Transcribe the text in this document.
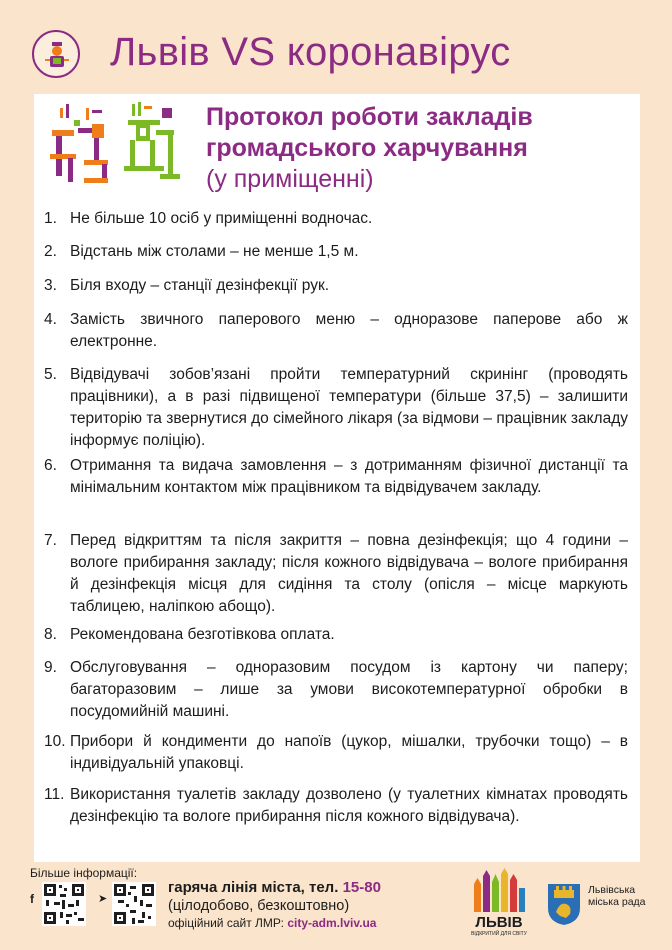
Львів VS коронавірус
Протокол роботи закладів громадського харчування
(у приміщенні)
1. Не більше 10 осіб у приміщенні водночас.
2. Відстань між столами – не менше 1,5 м.
3. Біля входу – станції дезінфекції рук.
4. Замість звичного паперового меню – одноразове паперове або ж електронне.
5. Відвідувачі зобов’язані пройти температурний скринінг (проводять працівники), а в разі підвищеної температури (більше 37,5) – залишити територію та звернутися до сімейного лікаря (за відмови – працівник закладу інформує поліцію).
6. Отримання та видача замовлення – з дотриманням фізичної дистанції та мінімальним контактом між працівником та відвідувачем закладу.
7. Перед відкриттям та після закриття – повна дезінфекція; що 4 години – вологе прибирання закладу; після кожного відвідувача – вологе прибирання й дезінфекція місця для сидіння та столу (опісля – місце маркують таблицею, наліпкою абощо).
8. Рекомендована безготівкова оплата.
9. Обслуговування – одноразовим посудом із картону чи паперу; багаторазовим – лише за умови високотемпературної обробки в посудомийній машині.
10. Прибори й кондименти до напоїв (цукор, мішалки, трубочки тощо) – в індивідуальній упаковці.
11. Використання туалетів закладу дозволено (у туалетних кімнатах проводять дезінфекцію та вологе прибирання після кожного відвідувача).
Більше інформації:
f	➤
гаряча лінія міста, тел. 15-80
(цілодобово, безкоштовно)
офіційний сайт ЛМР: city-adm.lviv.ua	ЛЬВІВ
ВІДКРИТИЙ ДЛЯ СВІТУ
Львівська міська рада
